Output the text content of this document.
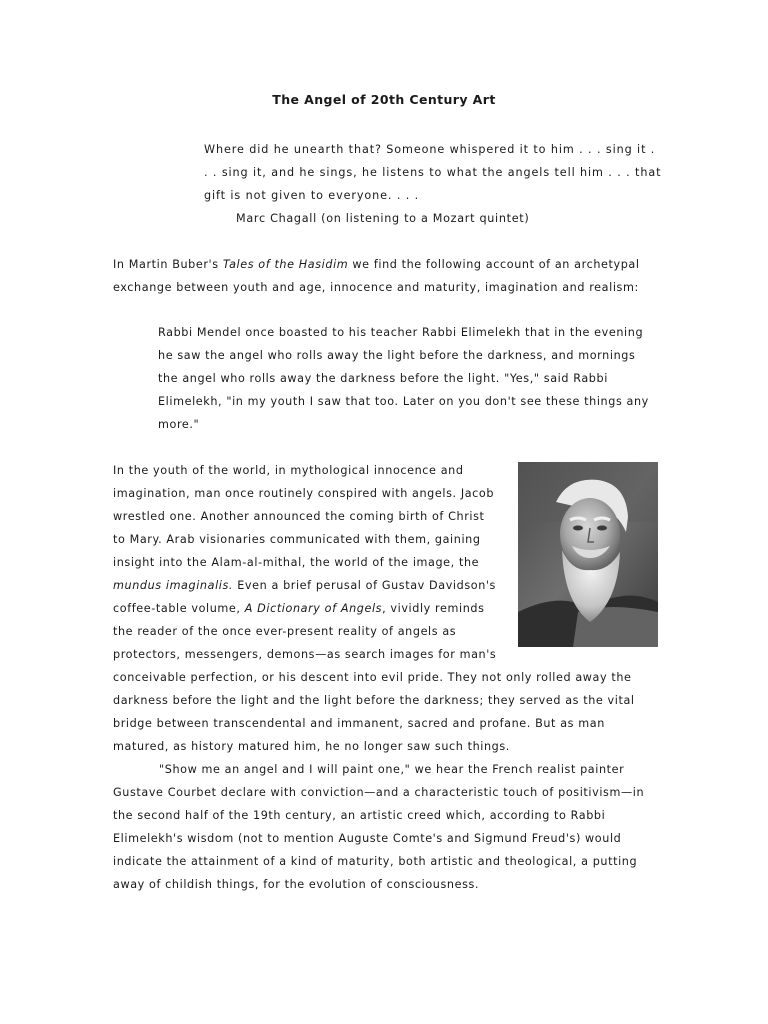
The Angel of 20th Century Art

Where did he unearth that? Someone whispered it to him . . . sing it . . . sing it, and he sings, he listens to what the angels tell him . . . that gift is not given to everyone. . . .

Marc Chagall (on listening to a Mozart quintet)

In Martin Buber's Tales of the Hasidim we find the following account of an archetypal exchange between youth and age, innocence and maturity, imagination and realism:
Rabbi Mendel once boasted to his teacher Rabbi Elimelekh that in the evening he saw the angel who rolls away the light before the darkness, and mornings the angel who rolls away the darkness before the light. "Yes," said Rabbi Elimelekh, "in my youth I saw that too. Later on you don't see these things any more."

In the youth of the world, in mythological innocence and imagination, man once routinely conspired with angels. Jacob wrestled one. Another announced the coming birth of Christ to Mary. Arab visionaries communicated with them, gaining insight into the Alam-al-mithal, the world of the image, the mundus imaginalis. Even a brief perusal of Gustav Davidson's coffee-table volume, A Dictionary of Angels, vividly reminds the reader of the once ever-present reality of angels as protectors, messengers, demons—as search images for man's conceivable perfection, or his descent into evil pride. They not only rolled away the darkness before the light and the light before the darkness; they served as the vital bridge between transcendental and immanent, sacred and profane. But as man matured, as history matured him, he no longer saw such things.

"Show me an angel and I will paint one," we hear the French realist painter Gustave Courbet declare with conviction—and a characteristic touch of positivism—in the second half of the 19th century, an artistic creed which, according to Rabbi Elimelekh's wisdom (not to mention Auguste Comte's and Sigmund Freud's) would indicate the attainment of a kind of maturity, both artistic and theological, a putting away of childish things, for the evolution of consciousness.
